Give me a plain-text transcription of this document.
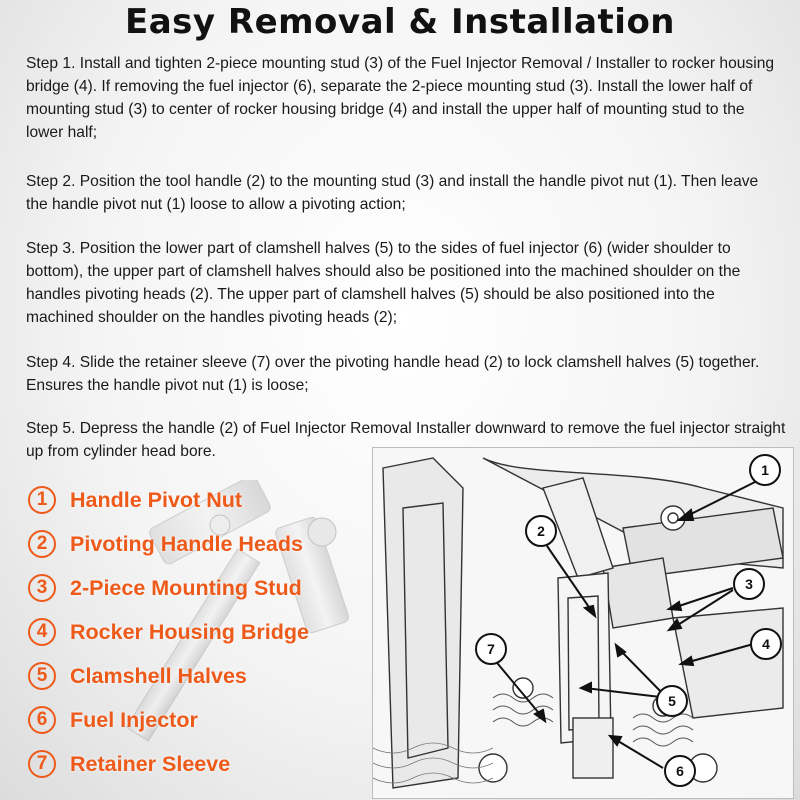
Easy Removal & Installation
Step 1. Install and tighten 2-piece mounting stud (3) of the Fuel Injector Removal / Installer to rocker housing bridge (4). If removing the fuel injector (6), separate the 2-piece mounting stud (3). Install the lower half of mounting stud (3) to center of rocker housing bridge (4) and install the upper half of mounting stud to the lower half;
Step 2. Position the tool handle (2) to the mounting stud (3) and install the handle pivot nut (1). Then leave the handle pivot nut (1) loose to allow a pivoting action;
Step 3. Position the lower part of clamshell halves (5) to the sides of fuel injector (6) (wider shoulder to bottom), the upper part of clamshell halves should also be positioned into the machined shoulder on the handles pivoting heads (2). The upper part of clamshell halves (5) should be also positioned into the machined shoulder on the handles pivoting heads (2);
Step 4. Slide the retainer sleeve (7) over the pivoting handle head (2) to lock clamshell halves (5) together. Ensures the handle pivot nut (1) is loose;
Step 5. Depress the handle (2) of Fuel Injector Removal Installer downward to remove the fuel injector straight up from cylinder head bore.
1	Handle Pivot Nut
2	Pivoting Handle Heads
3	2-Piece Mounting Stud
4	Rocker Housing Bridge
5	Clamshell Halves
6	Fuel Injector
7	Retainer Sleeve
1
2
3
4
5
6
7
